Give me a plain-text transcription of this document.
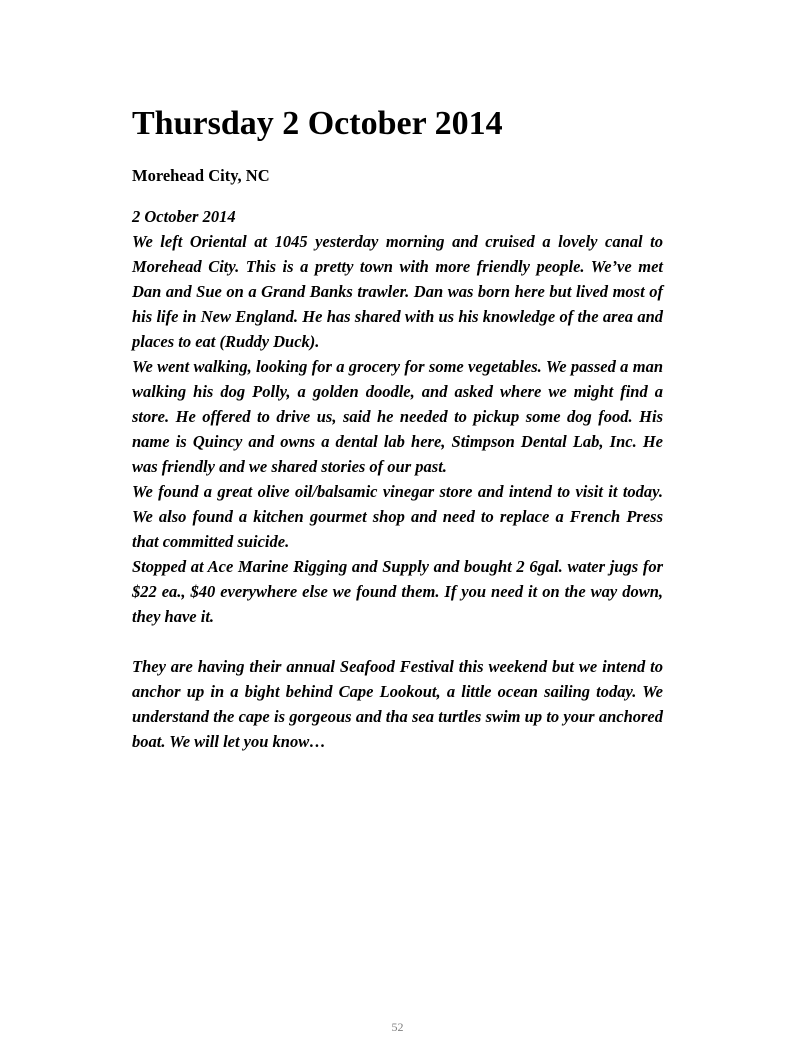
Thursday 2 October 2014
Morehead City, NC

2 October 2014

We left Oriental at 1045 yesterday morning and cruised a lovely canal to Morehead City. This is a pretty town with more friendly people. We’ve met Dan and Sue on a Grand Banks trawler. Dan was born here but lived most of his life in New England. He has shared with us his knowledge of the area and places to eat (Ruddy Duck).

We went walking, looking for a grocery for some vegetables. We passed a man walking his dog Polly, a golden doodle, and asked where we might find a store. He offered to drive us, said he needed to pickup some dog food. His name is Quincy and owns a dental lab here, Stimpson Dental Lab, Inc. He was friendly and we shared stories of our past.

We found a great olive oil/balsamic vinegar store and intend to visit it today. We also found a kitchen gourmet shop and need to replace a French Press that committed suicide.

Stopped at Ace Marine Rigging and Supply and bought 2 6gal. water jugs for $22 ea., $40 everywhere else we found them. If you need it on the way down, they have it.

They are having their annual Seafood Festival this weekend but we intend to anchor up in a bight behind Cape Lookout, a little ocean sailing today. We understand the cape is gorgeous and tha sea turtles swim up to your anchored boat. We will let you know…

52
